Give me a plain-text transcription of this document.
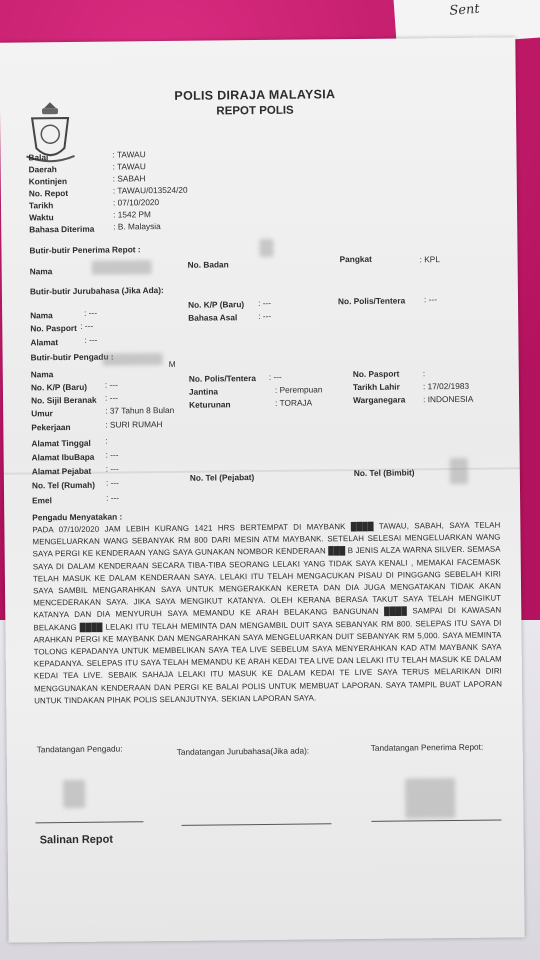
Sent
POLIS DIRAJA MALAYSIA
REPOT POLIS
Balai	: TAWAU
Daerah	: TAWAU
Kontinjen	: SABAH
No. Repot	: TAWAU/013524/20
Tarikh	: 07/10/2020
Waktu	: 1542 PM
Bahasa Diterima : B. Malaysia
Butir-butir Penerima Repot :
Nama
No. Badan
Pangkat	: KPL
Butir-butir Jurubahasa (Jika Ada):
Nama	: ---
No. Pasport : ---
Alamat	: ---
No. K/P (Baru) : ---
Bahasa Asal	: ---
No. Polis/Tentera : ---
Butir-butir Pengadu :
Nama
M
No. K/P (Baru) : ---
No. Sijil Beranak : ---
Umur	: 37 Tahun 8 Bulan
Pekerjaan	: SURI RUMAH
No. Polis/Tentera : ---
Jantina	: Perempuan
Keturunan	: TORAJA
No. Pasport	:
Tarikh Lahir	: 17/02/1983
Warganegara : INDONESIA
Alamat Tinggal :
Alamat IbuBapa : ---
Alamat Pejabat : ---
No. Tel (Rumah) : ---
Emel	: ---
No. Tel (Pejabat)	No. Tel (Bimbit)
Pengadu Menyatakan :
PADA 07/10/2020 JAM LEBIH KURANG 1421 HRS BERTEMPAT DI MAYBANK ████ TAWAU, SABAH, SAYA TELAH MENGELUARKAN WANG SEBANYAK RM 800 DARI MESIN ATM MAYBANK. SETELAH SELESAI MENGELUARKAN WANG SAYA PERGI KE KENDERAAN YANG SAYA GUNAKAN NOMBOR KENDERAAN ███ B JENIS ALZA WARNA SILVER. SEMASA SAYA DI DALAM KENDERAAN SECARA TIBA-TIBA SEORANG LELAKI YANG TIDAK SAYA KENALI , MEMAKAI FACEMASK TELAH MASUK KE DALAM KENDERAAN SAYA. LELAKI ITU TELAH MENGACUKAN PISAU DI PINGGANG SEBELAH KIRI SAYA SAMBIL MENGARAHKAN SAYA UNTUK MENGERAKKAN KERETA DAN DIA JUGA MENGATAKAN TIDAK AKAN MENCEDERAKAN SAYA. JIKA SAYA MENGIKUT KATANYA. OLEH KERANA BERASA TAKUT SAYA TELAH MENGIKUT KATANYA DAN DIA MENYURUH SAYA MEMANDU KE ARAH BELAKANG BANGUNAN ████ SAMPAI DI KAWASAN BELAKANG ████ LELAKI ITU TELAH MEMINTA DAN MENGAMBIL DUIT SAYA SEBANYAK RM 800. SELEPAS ITU SAYA DI ARAHKAN PERGI KE MAYBANK DAN MENGARAHKAN SAYA MENGELUARKAN DUIT SEBANYAK RM 5,000. SAYA MEMINTA TOLONG KEPADANYA UNTUK MEMBELIKAN SAYA TEA LIVE SEBELUM SAYA MENYERAHKAN KAD ATM MAYBANK SAYA KEPADANYA. SELEPAS ITU SAYA TELAH MEMANDU KE ARAH KEDAI TEA LIVE DAN LELAKI ITU TELAH MASUK KE DALAM KEDAI TEA LIVE. SEBAIK SAHAJA LELAKI ITU MASUK KE DALAM KEDAI TE LIVE SAYA TERUS MELARIKAN DIRI MENGGUNAKAN KENDERAAN DAN PERGI KE BALAI POLIS UNTUK MEMBUAT LAPORAN. SAYA TAMPIL BUAT LAPORAN UNTUK TINDAKAN PIHAK POLIS SELANJUTNYA. SEKIAN LAPORAN SAYA.
Tandatangan Pengadu:	Tandatangan Jurubahasa(Jika ada):	Tandatangan Penerima Repot:
Salinan Repot
